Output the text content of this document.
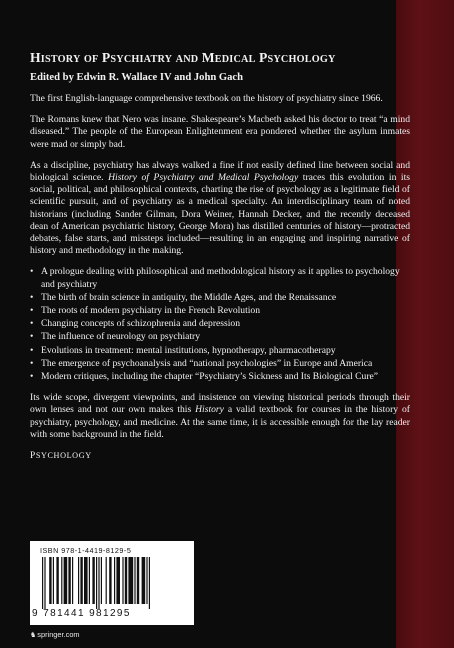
HISTORY OF PSYCHIATRY AND MEDICAL PSYCHOLOGY
Edited by Edwin R. Wallace IV and John Gach

The first English-language comprehensive textbook on the history of psychiatry since 1966.

The Romans knew that Nero was insane. Shakespeare’s Macbeth asked his doctor to treat “a mind diseased.” The people of the European Enlightenment era pondered whether the asylum inmates were mad or simply bad.

As a discipline, psychiatry has always walked a fine if not easily defined line between social and biological science. History of Psychiatry and Medical Psychology traces this evolution in its social, political, and philosophical contexts, charting the rise of psychology as a legitimate field of scientific pursuit, and of psychiatry as a medical specialty. An interdisciplinary team of noted historians (including Sander Gilman, Dora Weiner, Hannah Decker, and the recently deceased dean of American psychiatric history, George Mora) has distilled centuries of history—protracted debates, false starts, and missteps included—resulting in an engaging and inspiring narrative of history and methodology in the making.

• A prologue dealing with philosophical and methodological history as it applies to psychology and psychiatry
• The birth of brain science in antiquity, the Middle Ages, and the Renaissance
• The roots of modern psychiatry in the French Revolution
• Changing concepts of schizophrenia and depression
• The influence of neurology on psychiatry
• Evolutions in treatment: mental institutions, hypnotherapy, pharmacotherapy
• The emergence of psychoanalysis and “national psychologies” in Europe and America
• Modern critiques, including the chapter “Psychiatry’s Sickness and Its Biological Cure”

Its wide scope, divergent viewpoints, and insistence on viewing historical periods through their own lenses and not our own makes this History a valid textbook for courses in the history of psychiatry, psychology, and medicine. At the same time, it is accessible enough for the lay reader with some background in the field.

PSYCHOLOGY
ISBN 978-1-4419-8129-5
9 781441 981295
♞springer.com
